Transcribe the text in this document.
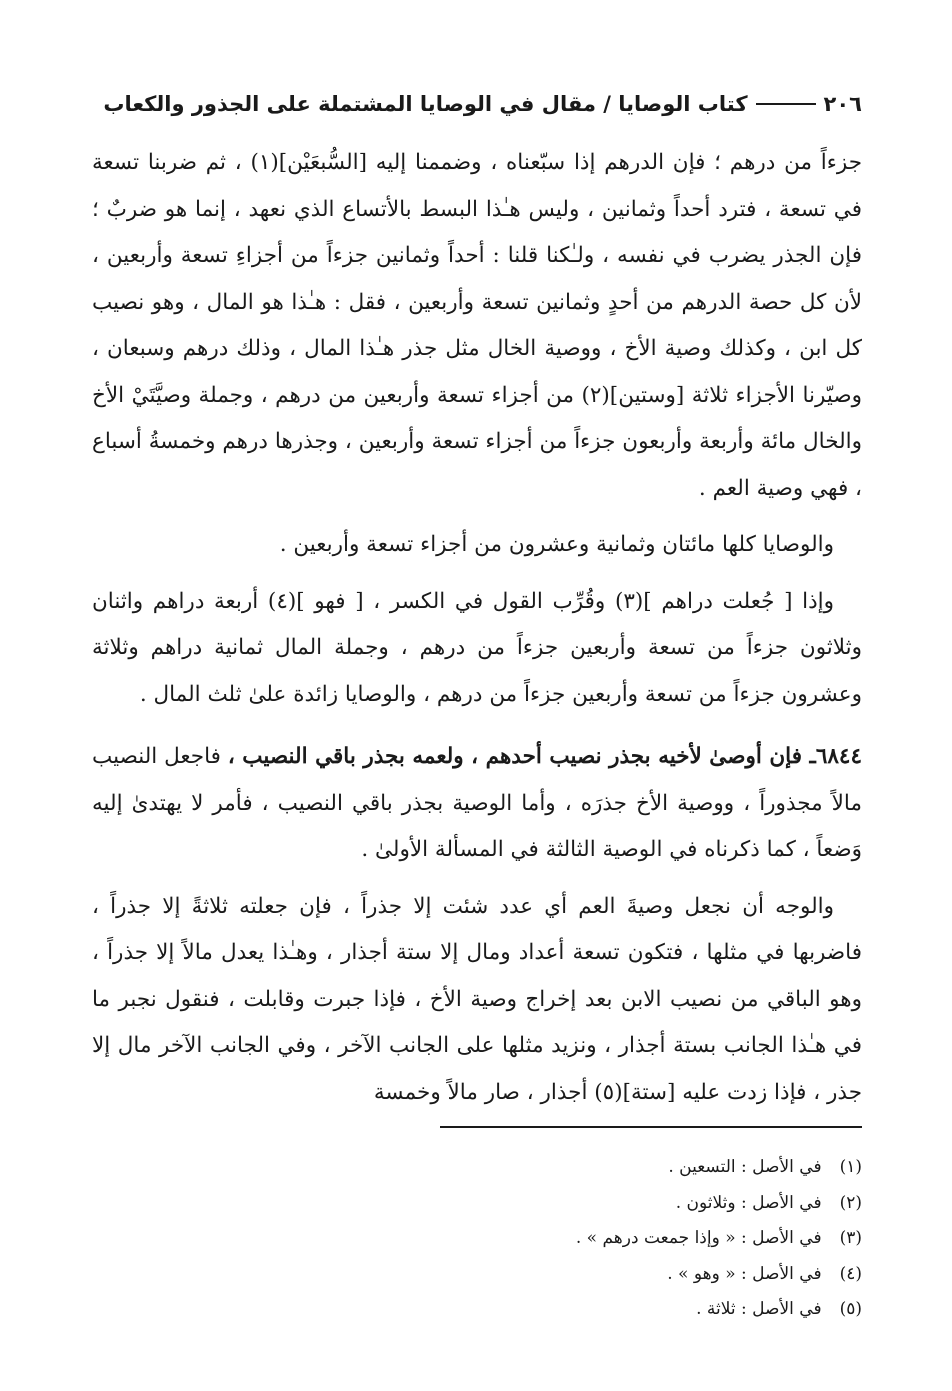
٢٠٦
كتاب الوصايا / مقال في الوصايا المشتملة على الجذور والكعاب

جزءاً من درهم ؛ فإن الدرهم إذا سبّعناه ، وضممنا إليه [السُّبعَيْن](١) ، ثم ضربنا تسعة في تسعة ، فترد أحداً وثمانين ، وليس هـٰذا البسط بالأتساع الذي نعهد ، إنما هو ضربٌ ؛ فإن الجذر يضرب في نفسه ، ولـٰكنا قلنا : أحداً وثمانين جزءاً من أجزاءِ تسعة وأربعين ، لأن كل حصة الدرهم من أحدٍ وثمانين تسعة وأربعين ، فقل : هـٰذا هو المال ، وهو نصيب كل ابن ، وكذلك وصية الأخ ، ووصية الخال مثل جذر هـٰذا المال ، وذلك درهم وسبعان ، وصيّرنا الأجزاء ثلاثة [وستين](٢) من أجزاء تسعة وأربعين من درهم ، وجملة وصيَّتَيْ الأخ والخال مائة وأربعة وأربعون جزءاً من أجزاء تسعة وأربعين ، وجذرها درهم وخمسةُ أسباع ، فهي وصية العم .

والوصايا كلها مائتان وثمانية وعشرون من أجزاء تسعة وأربعين .

وإذا [ جُعلت دراهم ](٣) وقُرِّب القول في الكسر ، [ فهو ](٤) أربعة دراهم واثنان وثلاثون جزءاً من تسعة وأربعين جزءاً من درهم ، وجملة المال ثمانية دراهم وثلاثة وعشرون جزءاً من تسعة وأربعين جزءاً من درهم ، والوصايا زائدة علىٰ ثلث المال .

٦٨٤٤ـ فإن أوصىٰ لأخيه بجذر نصيب أحدهم ، ولعمه بجذر باقي النصيب ، فاجعل النصيب مالاً مجذوراً ، ووصية الأخ جذرَه ، وأما الوصية بجذر باقي النصيب ، فأمر لا يهتدىٰ إليه وَضعاً ، كما ذكرناه في الوصية الثالثة في المسألة الأولىٰ .

والوجه أن نجعل وصيةَ العم أي عدد شئت إلا جذراً ، فإن جعلته ثلاثةً إلا جذراً ، فاضربها في مثلها ، فتكون تسعة أعداد ومال إلا ستة أجذار ، وهـٰذا يعدل مالاً إلا جذراً ، وهو الباقي من نصيب الابن بعد إخراج وصية الأخ ، فإذا جبرت وقابلت ، فنقول نجبر ما في هـٰذا الجانب بستة أجذار ، ونزيد مثلها على الجانب الآخر ، وفي الجانب الآخر مال إلا جذر ، فإذا زدت عليه [ستة](٥) أجذار ، صار مالاً وخمسة

(١)
في الأصل : التسعين .
(٢)
في الأصل : وثلاثون .
(٣)
في الأصل : « وإذا جمعت درهم » .
(٤)
في الأصل : « وهو » .
(٥)
في الأصل : ثلاثة .
